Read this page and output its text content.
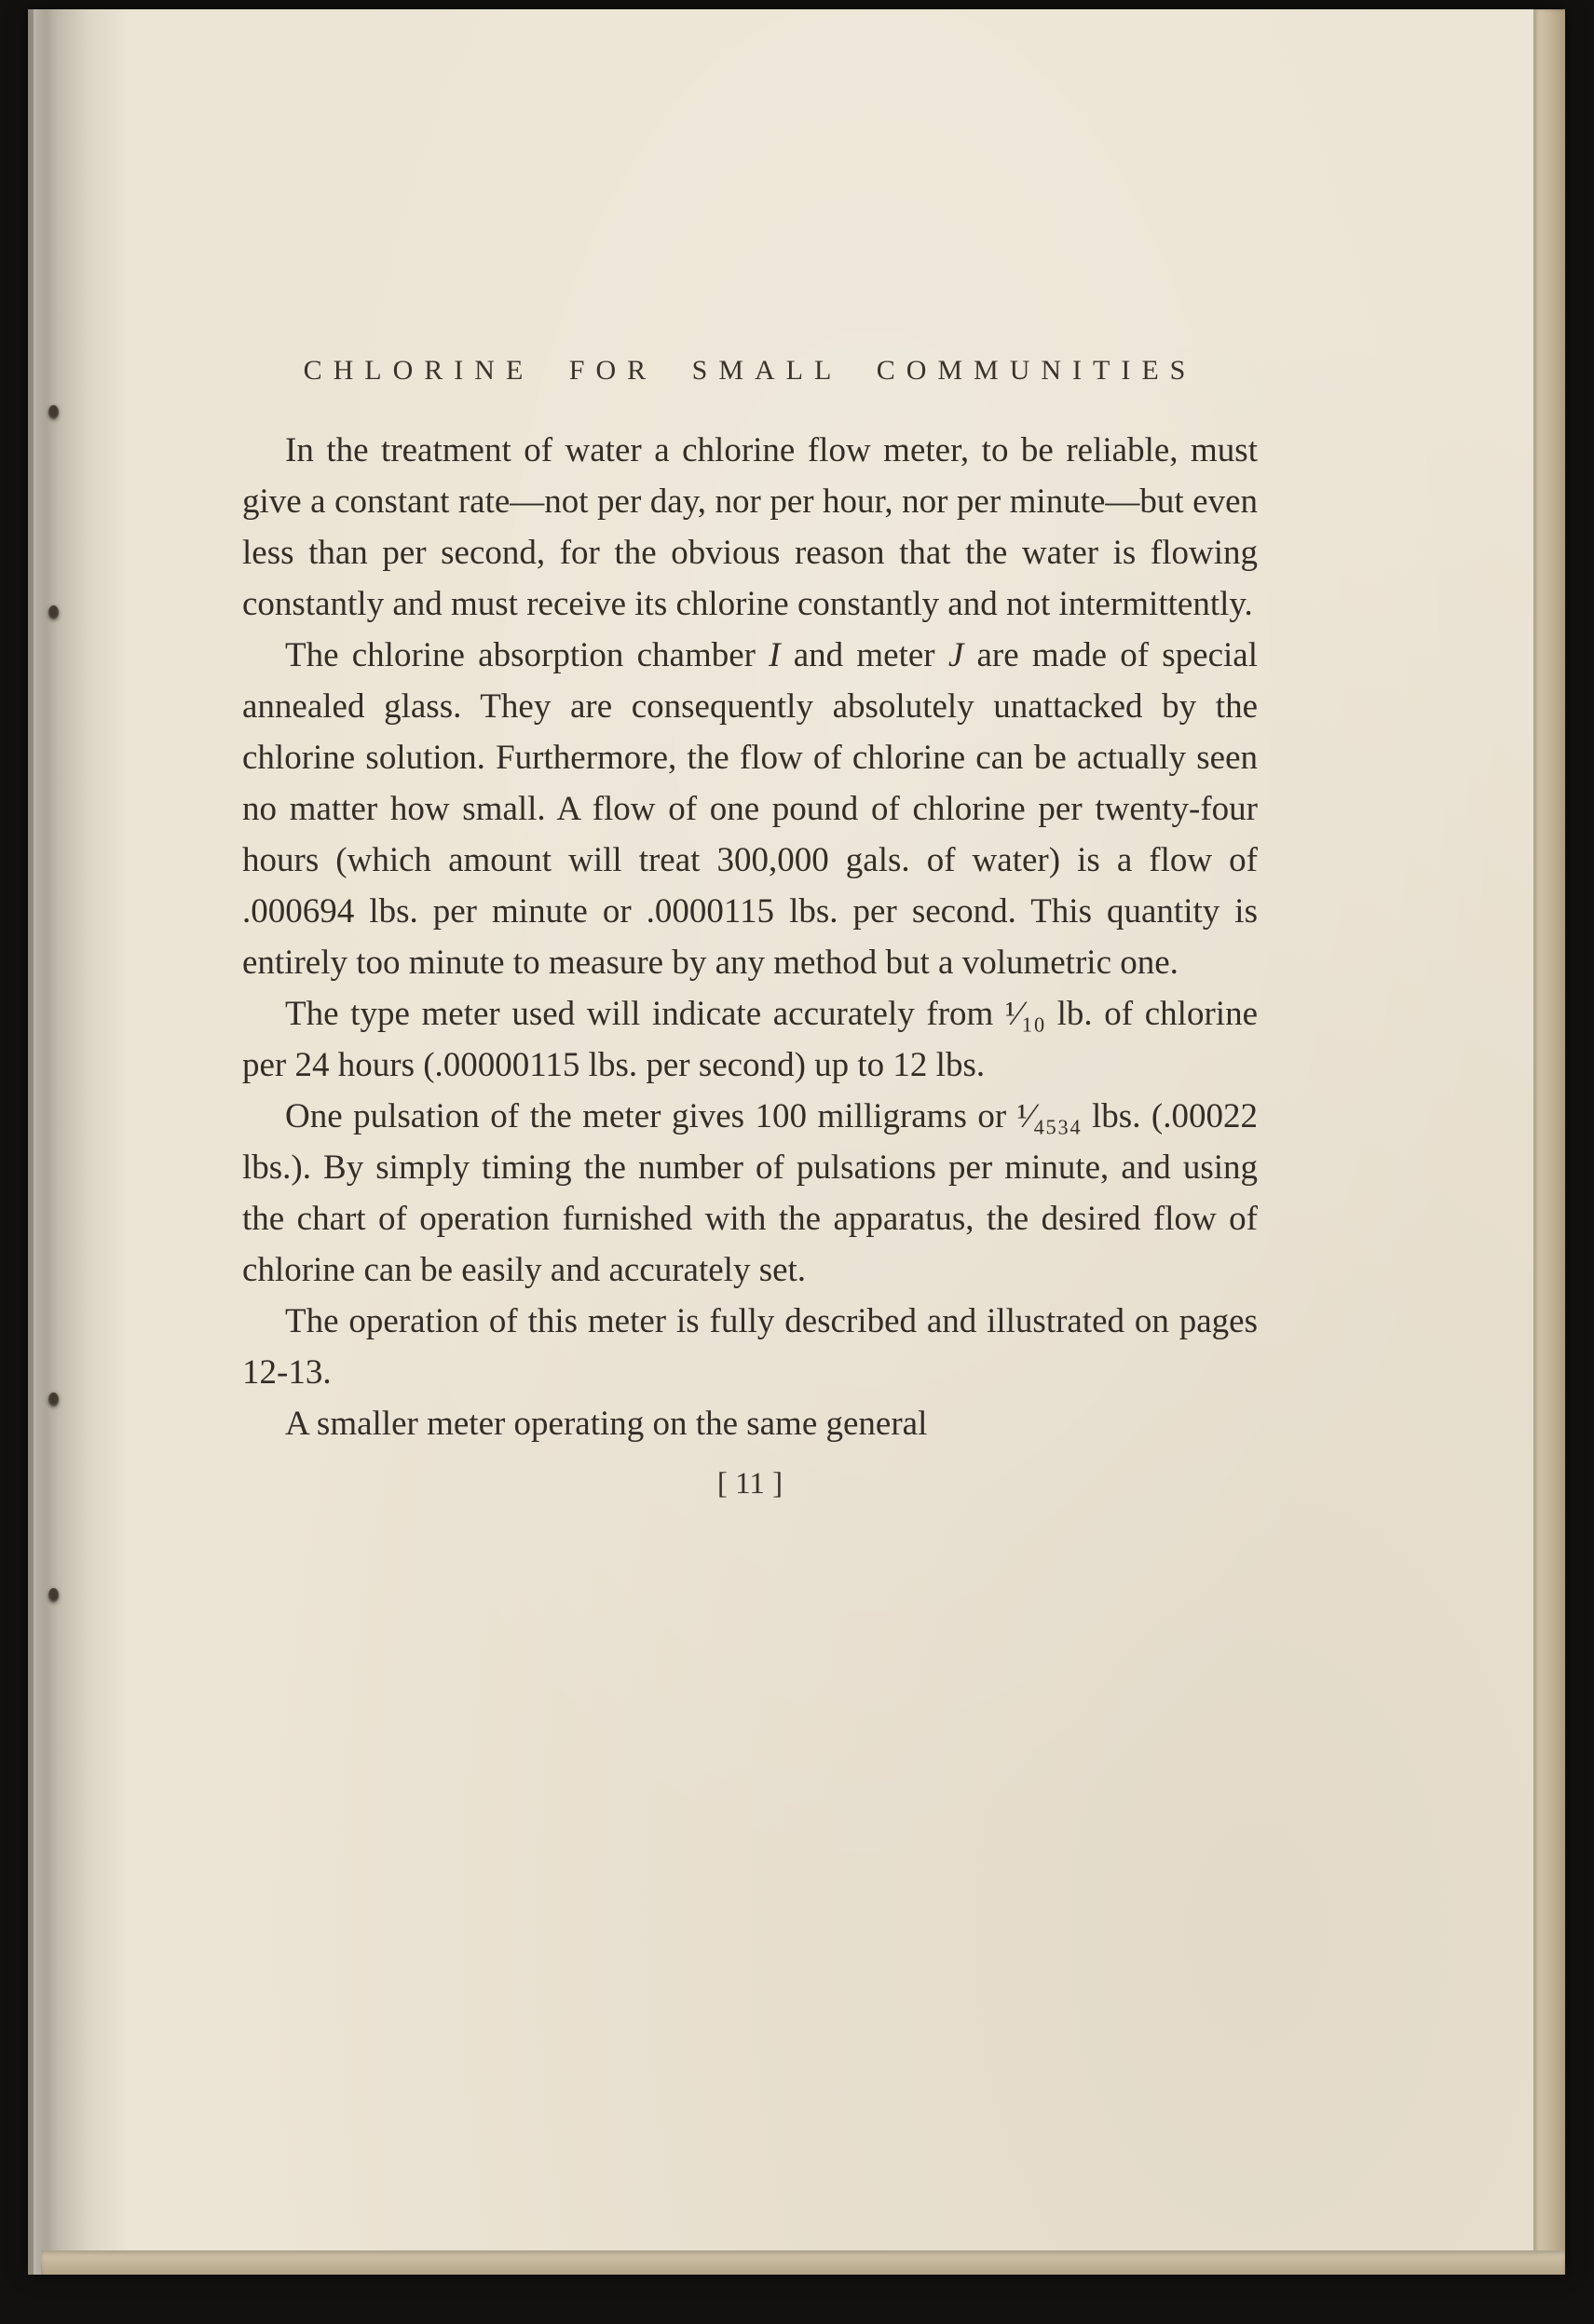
CHLORINE FOR SMALL COMMUNITIES

In the treatment of water a chlorine flow meter, to be reliable, must give a constant rate—not per day, nor per hour, nor per minute—but even less than per second, for the obvious reason that the water is flowing constantly and must receive its chlorine constantly and not intermittently.

The chlorine absorption chamber I and meter J are made of special annealed glass. They are consequently absolutely unattacked by the chlorine solution. Furthermore, the flow of chlorine can be actually seen no matter how small. A flow of one pound of chlorine per twenty-four hours (which amount will treat 300,000 gals. of water) is a flow of .000694 lbs. per minute or .0000115 lbs. per second. This quantity is entirely too minute to measure by any method but a volumetric one.

The type meter used will indicate accurately from ¹⁄₁₀ lb. of chlorine per 24 hours (.00000115 lbs. per second) up to 12 lbs.

One pulsation of the meter gives 100 milligrams or ¹⁄₄₅₃₄ lbs. (.00022 lbs.). By simply timing the number of pulsations per minute, and using the chart of operation furnished with the apparatus, the desired flow of chlorine can be easily and accurately set.

The operation of this meter is fully described and illustrated on pages 12-13.

A smaller meter operating on the same general

[ 11 ]
